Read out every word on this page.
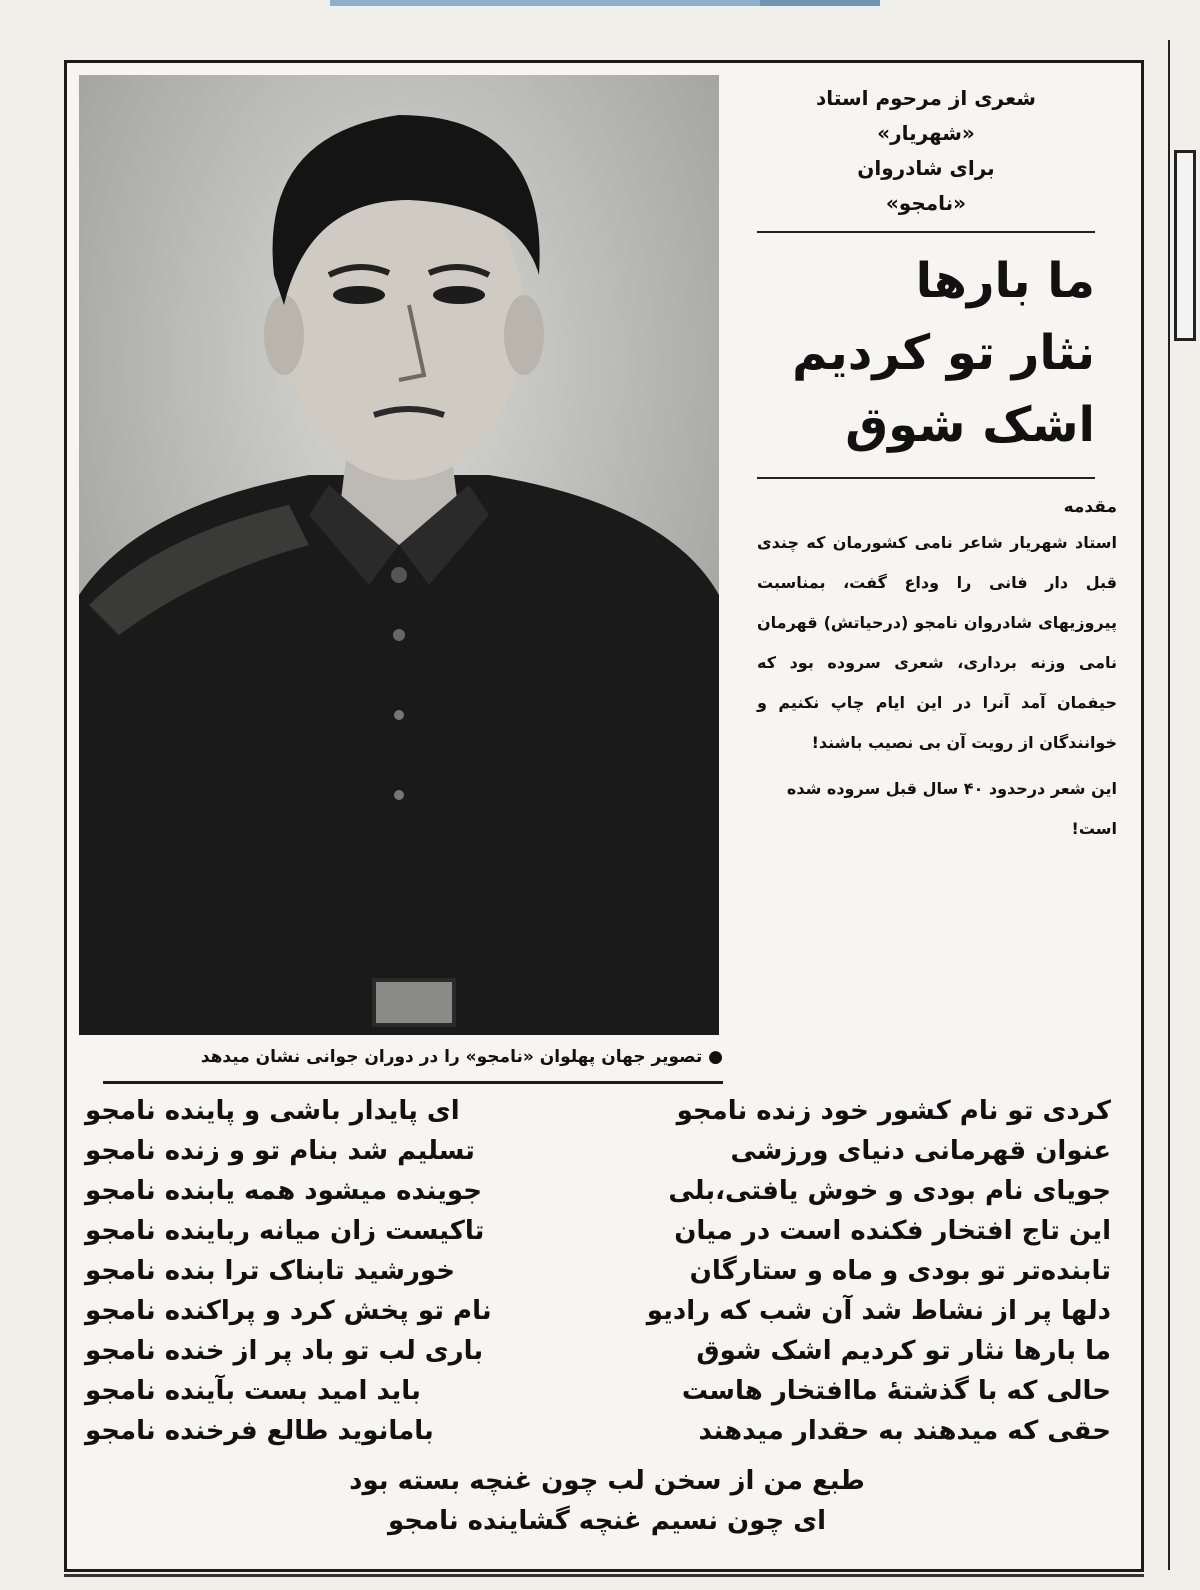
● تصویر جهان پهلوان «نامجو» را در دوران جوانی نشان میدهد
شعری از مرحوم استاد
«شهریار»
برای شادروان
«نامجو»
ما بارها
نثار تو کردیم
اشک شوق
مقدمه
استاد شهریار شاعر نامی کشورمان که چندی قبل دار فانی را وداع گفت، بمناسبت پیروزیهای شادروان نامجو (درحیاتش) قهرمان نامی وزنه برداری، شعری سروده بود که حیفمان آمد آنرا در این ایام چاپ نکنیم و خوانندگان از رویت آن بی نصیب باشند!
این شعر درحدود ۴۰ سال قبل سروده شده است!
کردی تو نام کشور خود زنده نامجو
عنوان قهرمانی دنیای ورزشی
جویای نام بودی و خوش یافتی،بلی
این تاج افتخار فکنده است در میان
تابنده‌تر تو بودی و ماه و ستارگان
دلها پر از نشاط شد آن شب که رادیو
ما بارها نثار تو کردیم اشک شوق
حالی که با گذشتهٔ ماافتخار هاست
حقی که میدهند به حقدار میدهند
ای پایدار باشی و پاینده نامجو
تسلیم شد بنام تو و زنده نامجو
جوینده میشود همه یابنده نامجو
تاکیست زان میانه رباینده نامجو
خورشید تابناک ترا بنده نامجو
نام تو پخش کرد و پراکنده نامجو
باری لب تو باد پر از خنده نامجو
باید امید بست بآینده نامجو
بامانوید طالع فرخنده نامجو
طبع من از سخن لب چون غنچه بسته بود
ای چون نسیم غنچه گشاینده نامجو
